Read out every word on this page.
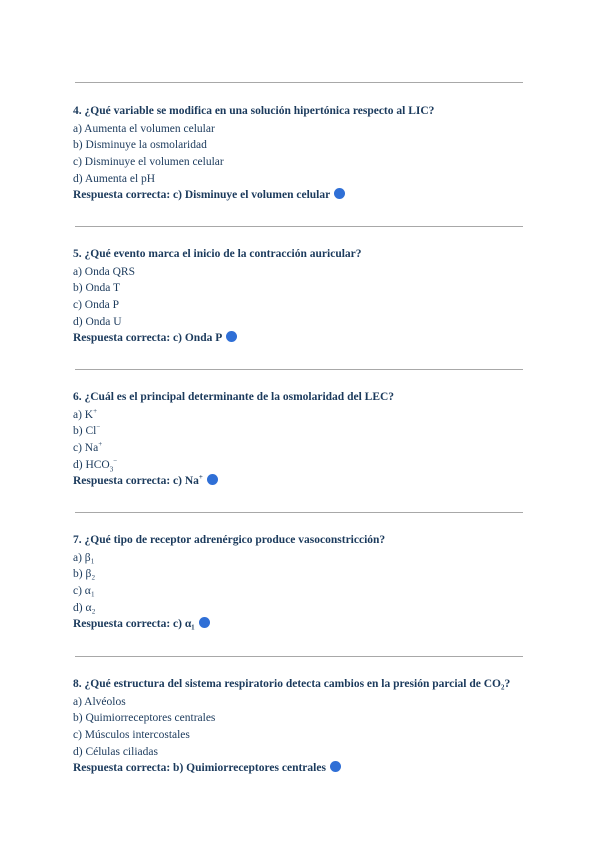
4. ¿Qué variable se modifica en una solución hipertónica respecto al LIC?
a) Aumenta el volumen celular
b) Disminuye la osmolaridad
c) Disminuye el volumen celular
d) Aumenta el pH
Respuesta correcta: c) Disminuye el volumen celular
5. ¿Qué evento marca el inicio de la contracción auricular?
a) Onda QRS
b) Onda T
c) Onda P
d) Onda U
Respuesta correcta: c) Onda P
6. ¿Cuál es el principal determinante de la osmolaridad del LEC?
a) K+
b) Cl−
c) Na+
d) $HCO_3^-$
Respuesta correcta: c) Na+
7. ¿Qué tipo de receptor adrenérgico produce vasoconstricción?
a) β₁
b) β₂
c) α₁
d) α₂
Respuesta correcta: c) α₁
8. ¿Qué estructura del sistema respiratorio detecta cambios en la presión parcial de CO₂?
a) Alvéolos
b) Quimiorreceptores centrales
c) Músculos intercostales
d) Células ciliadas
Respuesta correcta: b) Quimiorreceptores centrales
